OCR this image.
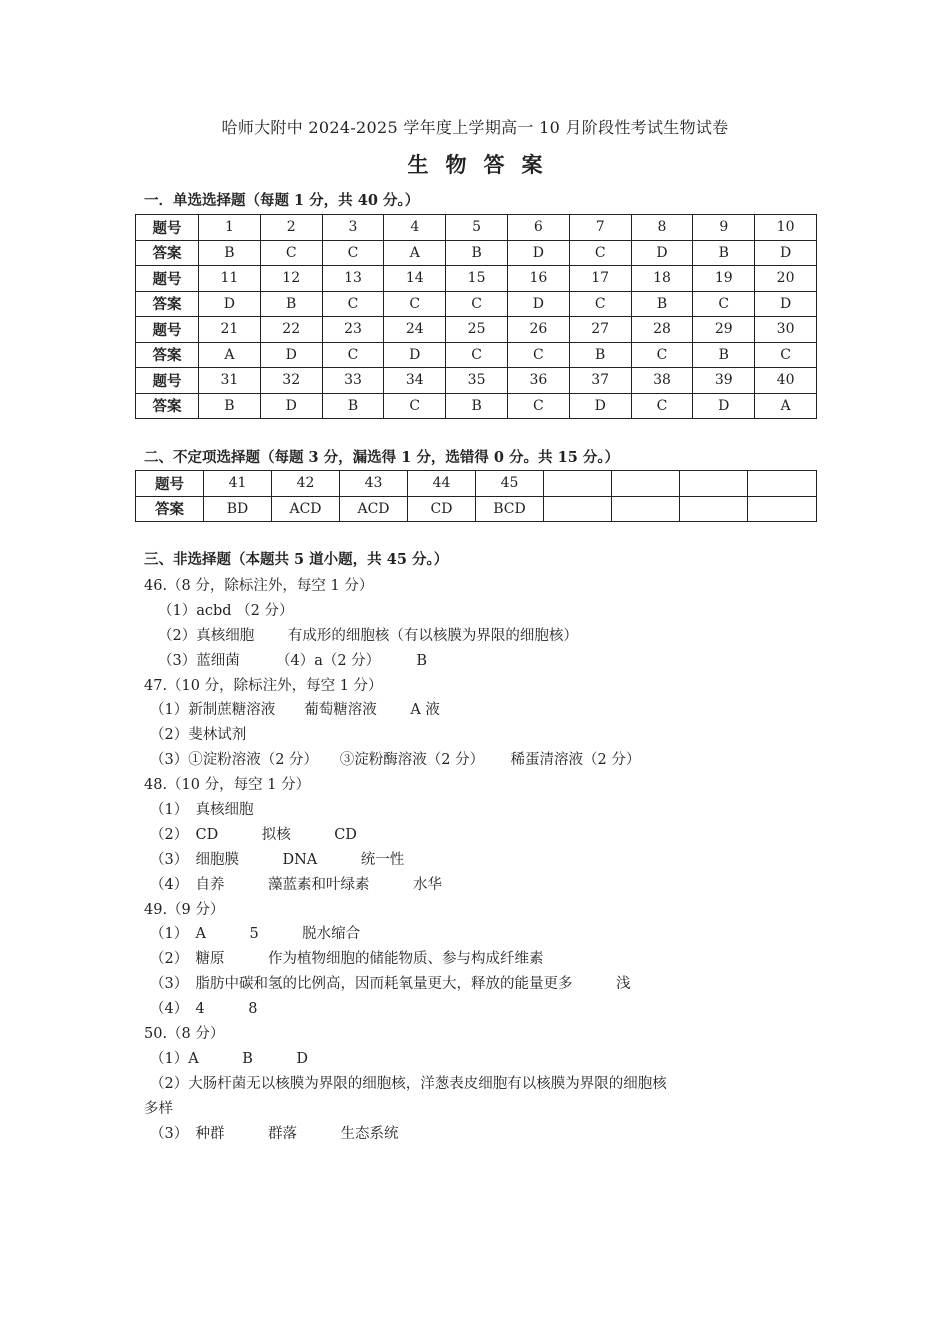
哈师大附中 2024-2025 学年度上学期高一 10 月阶段性考试生物试卷
生物答案
一．单选选择题（每题 1 分，共 40 分。）
题号	1	2	3	4	5	6	7	8	9	10
答案	B	C	C	A	B	D	C	D	B	D
题号	11	12	13	14	15	16	17	18	19	20
答案	D	B	C	C	C	D	C	B	C	D
题号	21	22	23	24	25	26	27	28	29	30
答案	A	D	C	D	C	C	B	C	B	C
题号	31	32	33	34	35	36	37	38	39	40
答案	B	D	B	C	B	C	D	C	D	A
二、不定项选择题（每题 3 分，漏选得 1 分，选错得 0 分。共 15 分。）
题号	41	42	43	44	45				
答案	BD	ACD	ACD	CD	BCD				
三、非选择题（本题共 5 道小题，共 45 分。）
46.（8 分，除标注外，每空 1 分）
（1）acbd （2 分）
（2）真核细胞　　 有成形的细胞核（有以核膜为界限的细胞核）
（3）蓝细菌　　　（4）a（2 分）　　　B
47.（10 分，除标注外，每空 1 分）
（1）新制蔗糖溶液　　葡萄糖溶液　　 A 液
（2）斐林试剂
（3）①淀粉溶液（2 分）　　③淀粉酶溶液（2 分）　　 稀蛋清溶液（2 分）
48.（10 分，每空 1 分）
（1）　真核细胞
（2）　CD　　　拟核　　　CD
（3）　细胞膜　　　DNA　　　统一性
（4）　自养　　　藻蓝素和叶绿素　　　水华
49.（9 分）
（1）　A　　　5　　　脱水缩合
（2）　糖原　　　作为植物细胞的储能物质、参与构成纤维素
（3）　脂肪中碳和氢的比例高，因而耗氧量更大，释放的能量更多　　　浅
（4）　4　　　8
50.（8 分）
（1）A　　　B　　　D
（2）大肠杆菌无以核膜为界限的细胞核，洋葱表皮细胞有以核膜为界限的细胞核
多样
（3）　种群　　　群落　　　生态系统
